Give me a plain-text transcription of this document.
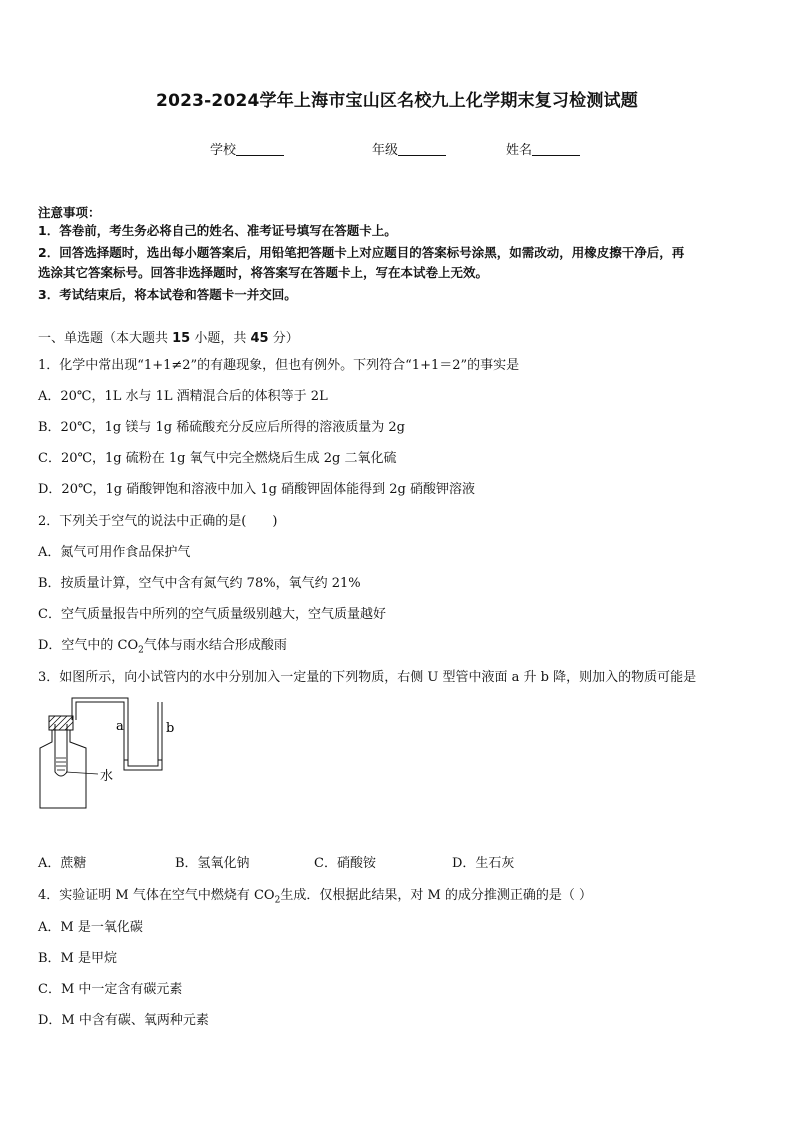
2023-2024学年上海市宝山区名校九上化学期末复习检测试题
学校	年级	姓名
注意事项：
1．答卷前，考生务必将自己的姓名、准考证号填写在答题卡上。
2．回答选择题时，选出每小题答案后，用铅笔把答题卡上对应题目的答案标号涂黑，如需改动，用橡皮擦干净后，再
选涂其它答案标号。回答非选择题时，将答案写在答题卡上，写在本试卷上无效。
3．考试结束后，将本试卷和答题卡一并交回。
一、单选题（本大题共 15 小题，共 45 分）
1．化学中常出现“1+1≠2”的有趣现象，但也有例外。下列符合“1+1＝2”的事实是
A．20℃，1L 水与 1L 酒精混合后的体积等于 2L
B．20℃，1g 镁与 1g 稀硫酸充分反应后所得的溶液质量为 2g
C．20℃，1g 硫粉在 1g 氧气中完全燃烧后生成 2g 二氧化硫
D．20℃，1g 硝酸钾饱和溶液中加入 1g 硝酸钾固体能得到 2g 硝酸钾溶液
2．下列关于空气的说法中正确的是(　　)
A．氮气可用作食品保护气
B．按质量计算，空气中含有氮气约 78%，氧气约 21%
C．空气质量报告中所列的空气质量级别越大，空气质量越好
D．空气中的 $CO_2$气体与雨水结合形成酸雨
3．如图所示，向小试管内的水中分别加入一定量的下列物质，右侧 U 型管中液面 a 升 b 降，则加入的物质可能是
水
a	b
A．蔗糖	B．氢氧化钠	C．硝酸铵	D．生石灰
4．实验证明 M 气体在空气中燃烧有 $CO_2$生成．仅根据此结果，对 M 的成分推测正确的是（ ）
A．M 是一氧化碳
B．M 是甲烷
C．M 中一定含有碳元素
D．M 中含有碳、氧两种元素
